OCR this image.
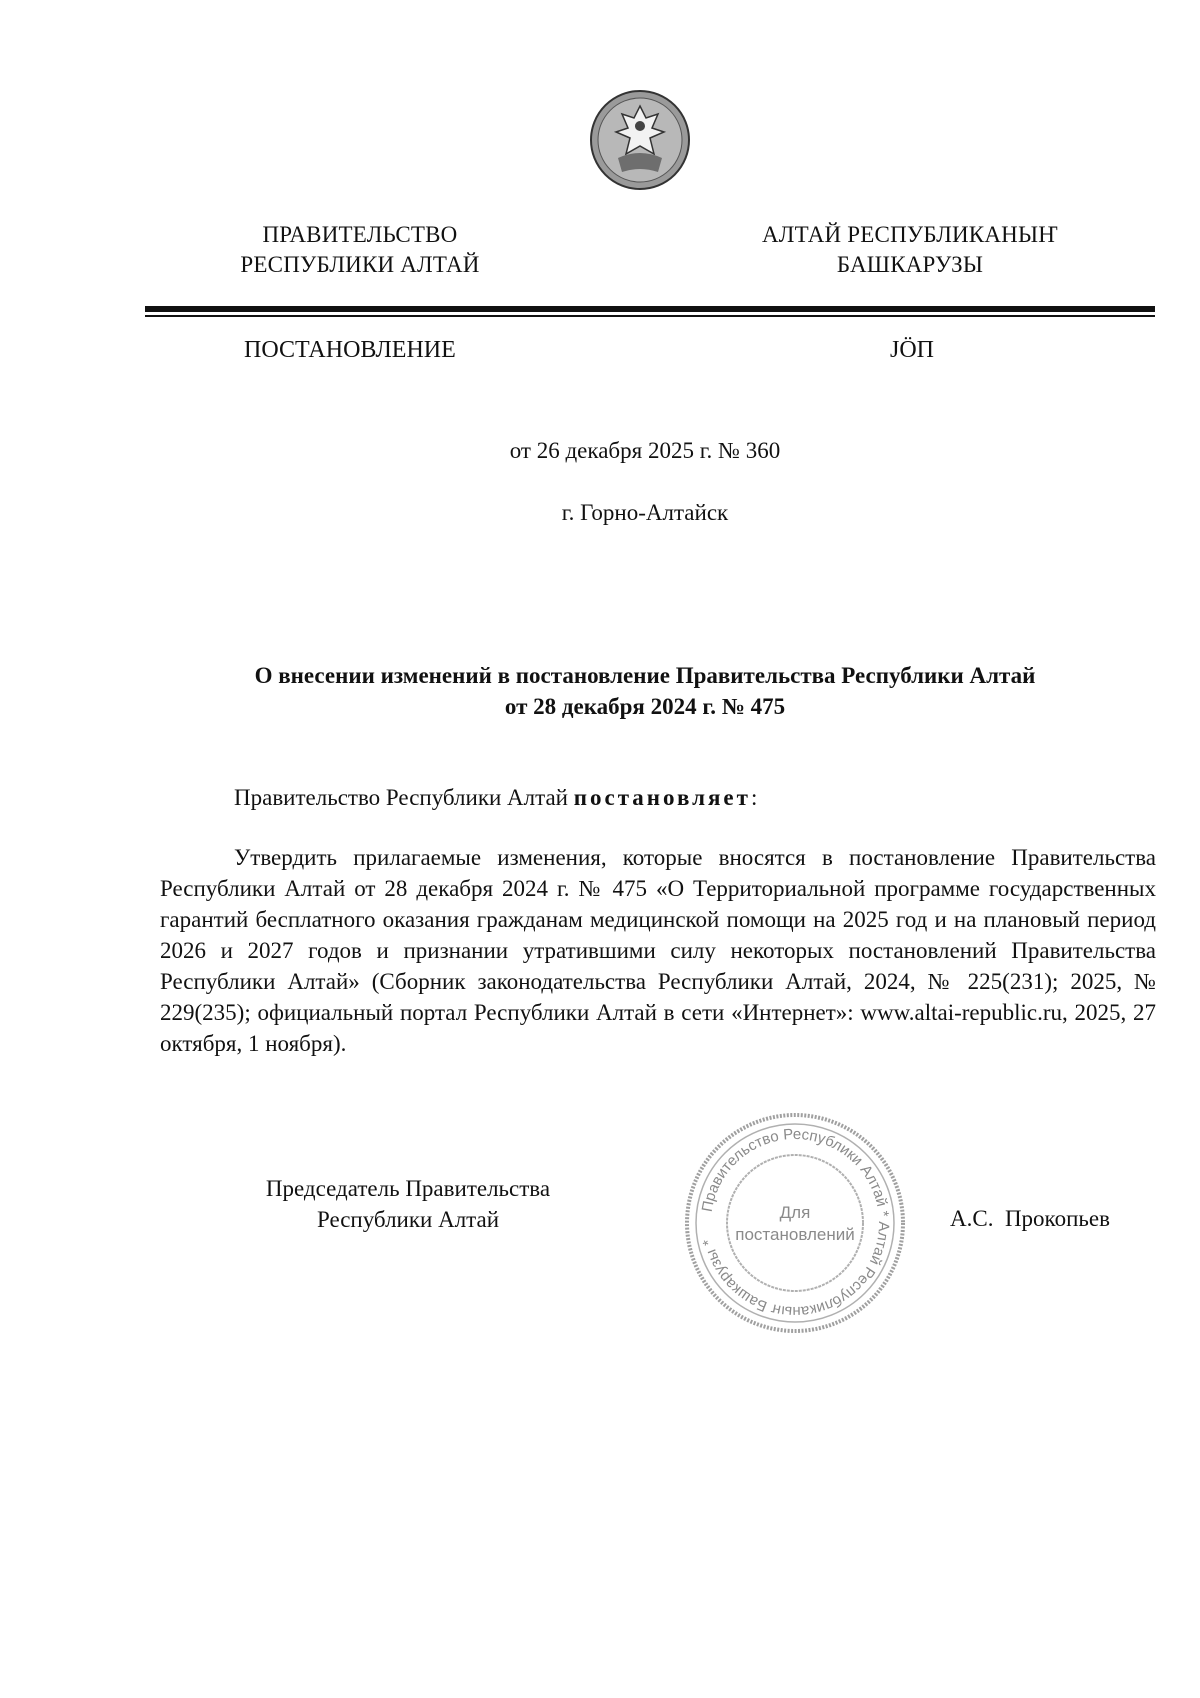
ПРАВИТЕЛЬСТВО
РЕСПУБЛИКИ АЛТАЙ
АЛТАЙ РЕСПУБЛИКАНЫҤ
БАШКАРУЗЫ
ПОСТАНОВЛЕНИЕ	JÖП
от 26 декабря 2025 г. № 360
г. Горно-Алтайск
О внесении изменений в постановление Правительства Республики Алтай
от 28 декабря 2024 г. № 475
Правительство Республики Алтай постановляет:
Утвердить прилагаемые изменения, которые вносятся в постановление Правительства Республики Алтай от 28 декабря 2024 г. № 475 «О Территориальной программе государственных гарантий бесплатного оказания гражданам медицинской помощи на 2025 год и на плановый период 2026 и 2027 годов и признании утратившими силу некоторых постановлений Правительства Республики Алтай» (Сборник законодательства Республики Алтай, 2024, № 225(231); 2025, № 229(235); официальный портал Республики Алтай в сети «Интернет»: www.altai-republic.ru, 2025, 27 октября, 1 ноября).
Председатель Правительства
Республики Алтай
Правительство Республики Алтай * Алтай Республиканыҥ Башкарузы *
Для
постановлений
А.С.  Прокопьев
